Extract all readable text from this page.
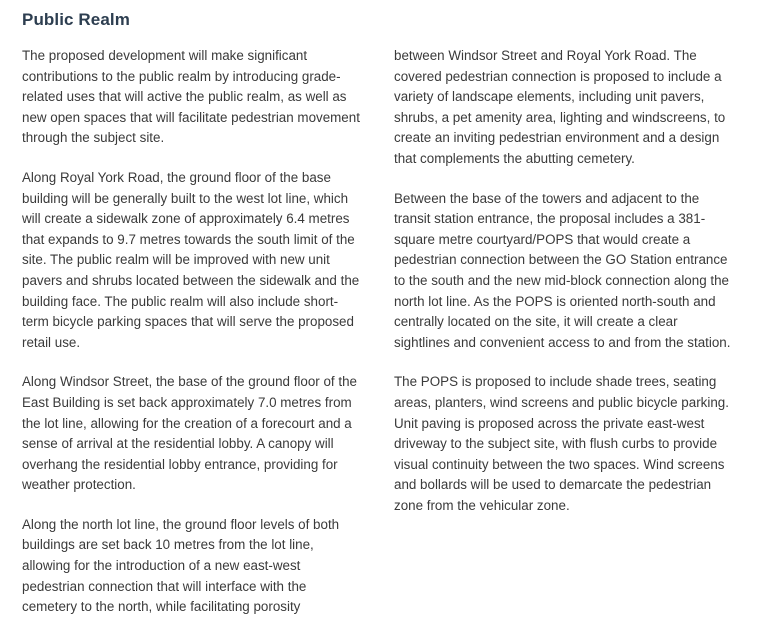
Public Realm

The proposed development will make significant contributions to the public realm by introducing grade-related uses that will active the public realm, as well as new open spaces that will facilitate pedestrian movement through the subject site.

Along Royal York Road, the ground floor of the base building will be generally built to the west lot line, which will create a sidewalk zone of approximately 6.4 metres that expands to 9.7 metres towards the south limit of the site. The public realm will be improved with new unit pavers and shrubs located between the sidewalk and the building face. The public realm will also include short-term bicycle parking spaces that will serve the proposed retail use.

Along Windsor Street, the base of the ground floor of the East Building is set back approximately 7.0 metres from the lot line, allowing for the creation of a forecourt and a sense of arrival at the residential lobby. A canopy will overhang the residential lobby entrance, providing for weather protection.

Along the north lot line, the ground floor levels of both buildings are set back 10 metres from the lot line, allowing for the introduction of a new east-west pedestrian connection that will interface with the cemetery to the north, while facilitating porosity

between Windsor Street and Royal York Road. The covered pedestrian connection is proposed to include a variety of landscape elements, including unit pavers, shrubs, a pet amenity area, lighting and windscreens, to create an inviting pedestrian environment and a design that complements the abutting cemetery.

Between the base of the towers and adjacent to the transit station entrance, the proposal includes a 381-square metre courtyard/POPS that would create a pedestrian connection between the GO Station entrance to the south and the new mid-block connection along the north lot line. As the POPS is oriented north-south and centrally located on the site, it will create a clear sightlines and convenient access to and from the station.

The POPS is proposed to include shade trees, seating areas, planters, wind screens and public bicycle parking. Unit paving is proposed across the private east-west driveway to the subject site, with flush curbs to provide visual continuity between the two spaces. Wind screens and bollards will be used to demarcate the pedestrian zone from the vehicular zone.
